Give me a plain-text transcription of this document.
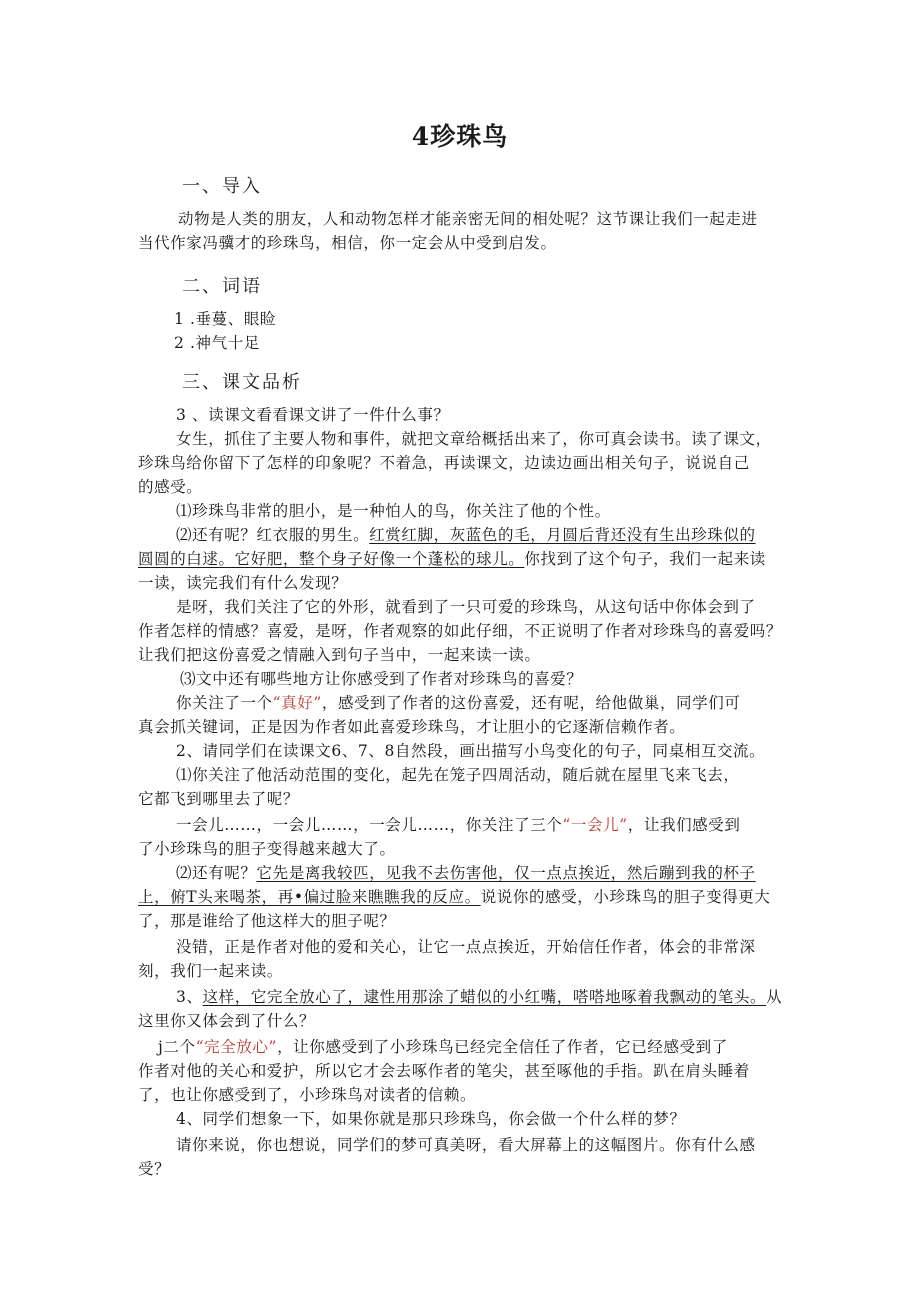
4珍珠鸟
一、导入
动物是人类的朋友，人和动物怎样才能亲密无间的相处呢？这节课让我们一起走进
当代作家冯骥才的珍珠鸟，相信，你一定会从中受到启发。
二、词语
1 .垂蔓、眼睑
2 .神气十足
三、课文品析
3 、读课文看看课文讲了一件什么事？
女生，抓住了主要人物和事件，就把文章给概括出来了，你可真会读书。读了课文，
珍珠鸟给你留下了怎样的印象呢？不着急，再读课文，边读边画出相关句子，说说自己
的感受。
⑴珍珠鸟非常的胆小，是一种怕人的鸟，你关注了他的个性。
⑵还有呢？红衣服的男生。红赏红脚，灰蓝色的毛，月圆后背还没有生出珍珠似的
圆圆的白逑。它好肥，整个身子好像一个蓬松的球儿。你找到了这个句子，我们一起来读
一读，读完我们有什么发现？
是呀，我们关注了它的外形，就看到了一只可爱的珍珠鸟，从这句话中你体会到了
作者怎样的情感？喜爱，是呀，作者观察的如此仔细，不正说明了作者对珍珠鸟的喜爱吗？
让我们把这份喜爱之情融入到句子当中，一起来读一读。
⑶文中还有哪些地方让你感受到了作者对珍珠鸟的喜爱？
你关注了一个“真好”，感受到了作者的这份喜爱，还有呢，给他做巢，同学们可
真会抓关键词，正是因为作者如此喜爱珍珠鸟，才让胆小的它逐渐信赖作者。
2、请同学们在读课文6、7、8自然段，画出描写小鸟变化的句子，同桌相互交流。
⑴你关注了他活动范围的变化，起先在笼子四周活动，随后就在屋里飞来飞去，
它都飞到哪里去了呢？
一会儿……，一会儿……，一会儿……，你关注了三个“一会儿”，让我们感受到
了小珍珠鸟的胆子变得越来越大了。
⑵还有呢？它先是离我较匹，见我不去伤害他，仅一点点挨近，然后蹦到我的杯子
上，俯T头来喝茶，再•偏过脸来瞧瞧我的反应。说说你的感受，小珍珠鸟的胆子变得更大
了，那是谁给了他这样大的胆子呢？
没错，正是作者对他的爱和关心，让它一点点挨近，开始信任作者，体会的非常深
刻，我们一起来读。
3、这样，它完全放心了，逮性用那涂了蜡似的小红嘴，嗒嗒地啄着我飘动的笔头。从
这里你又体会到了什么？
j二个“完全放心”，让你感受到了小珍珠鸟已经完全信任了作者，它已经感受到了
作者对他的关心和爱护，所以它才会去啄作者的笔尖，甚至啄他的手指。趴在肩头睡着
了，也让你感受到了，小珍珠鸟对读者的信赖。
4、同学们想象一下，如果你就是那只珍珠鸟，你会做一个什么样的梦？
请你来说，你也想说，同学们的梦可真美呀，看大屏幕上的这幅图片。你有什么感
受？
